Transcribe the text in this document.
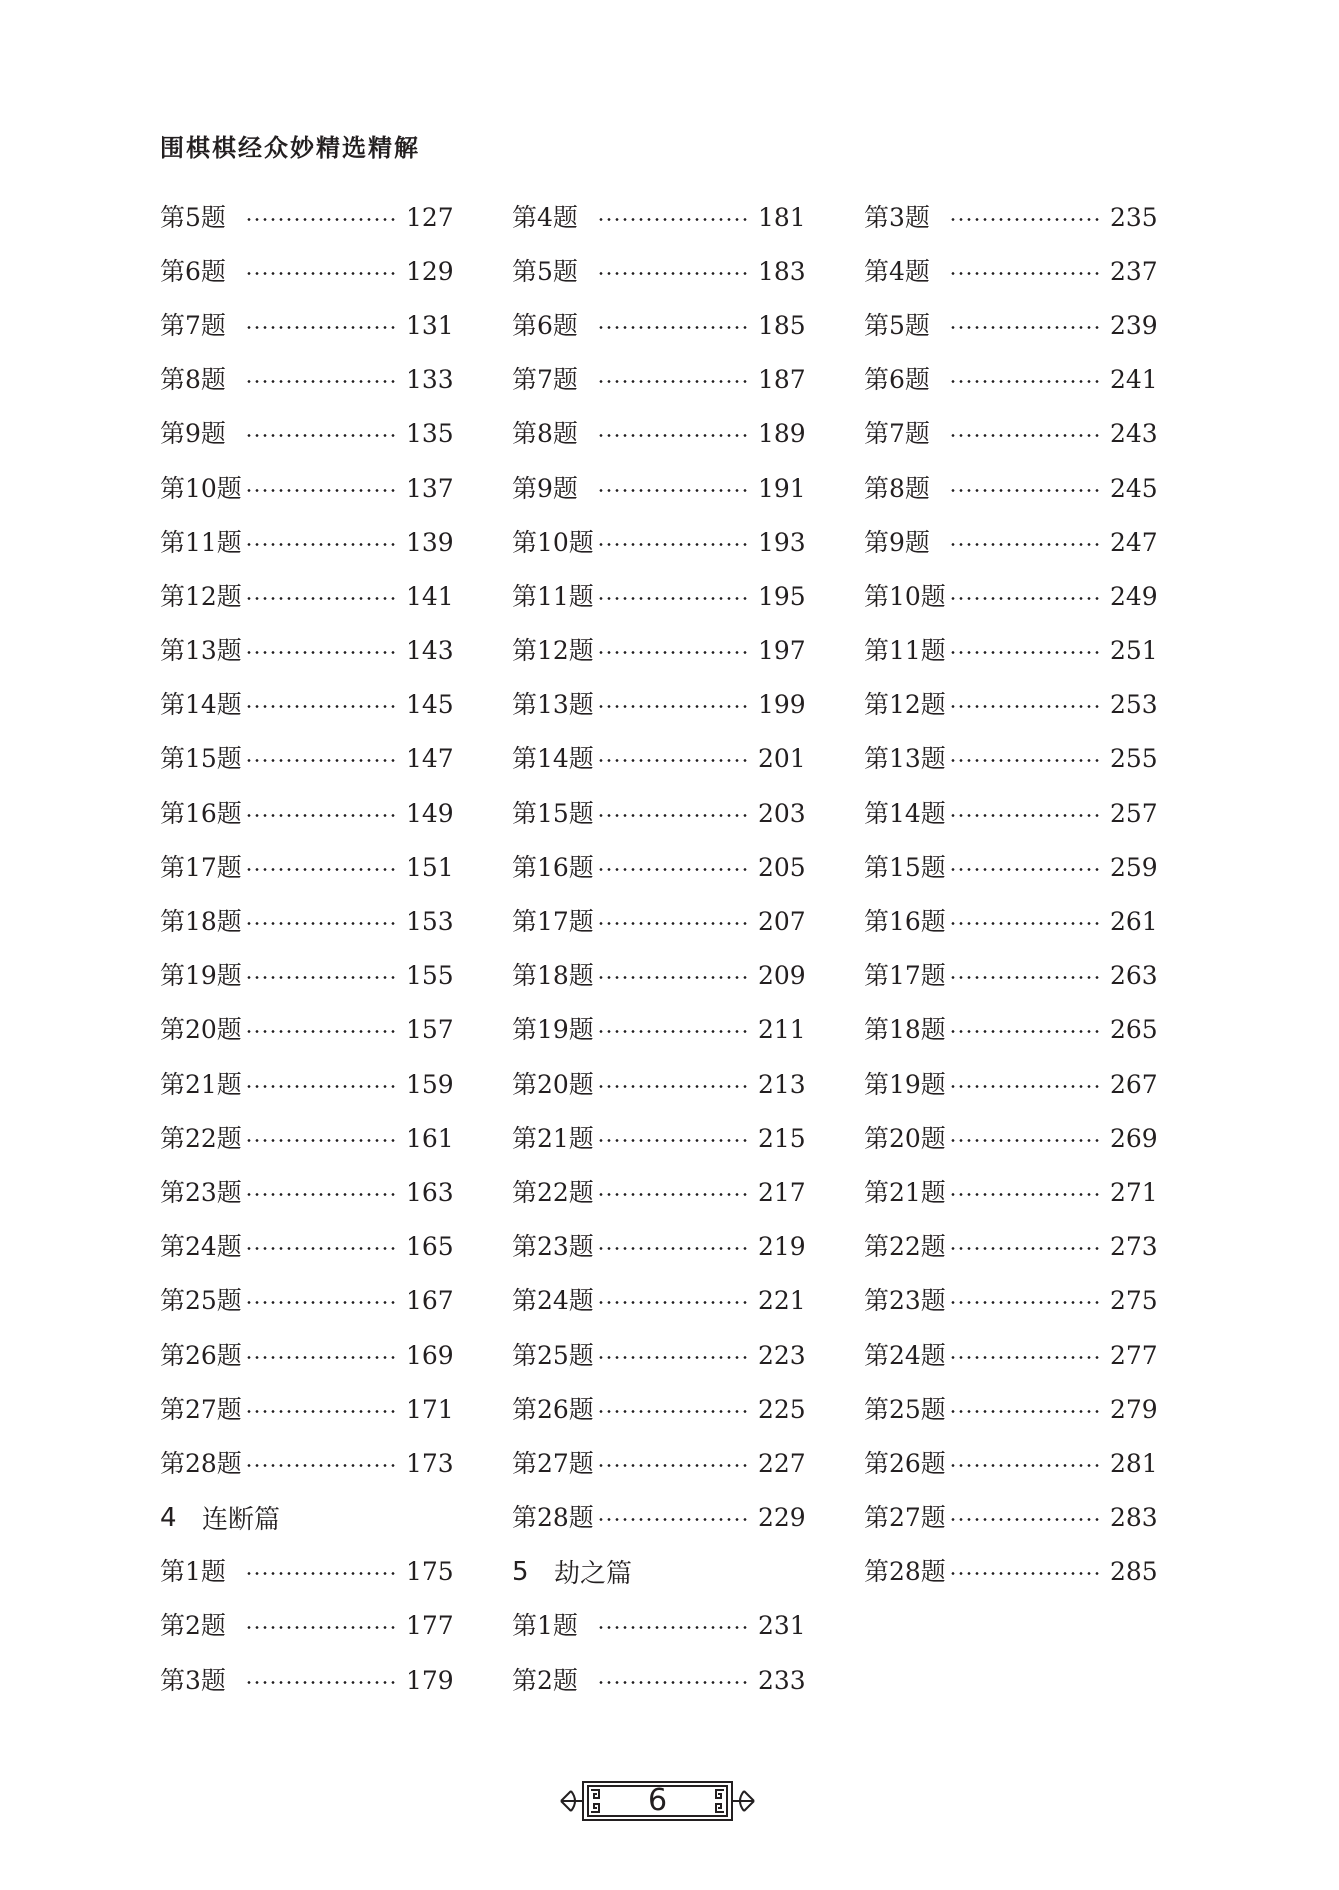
围棋棋经众妙精选精解
第5题	127
第6题	129
第7题	131
第8题	133
第9题	135
第10题	137
第11题	139
第12题	141
第13题	143
第14题	145
第15题	147
第16题	149
第17题	151
第18题	153
第19题	155
第20题	157
第21题	159
第22题	161
第23题	163
第24题	165
第25题	167
第26题	169
第27题	171
第28题	173
4 连断篇
第1题	175
第2题	177
第3题	179
第4题	181
第5题	183
第6题	185
第7题	187
第8题	189
第9题	191
第10题	193
第11题	195
第12题	197
第13题	199
第14题	201
第15题	203
第16题	205
第17题	207
第18题	209
第19题	211
第20题	213
第21题	215
第22题	217
第23题	219
第24题	221
第25题	223
第26题	225
第27题	227
第28题	229
5 劫之篇
第1题	231
第2题	233
第3题	235
第4题	237
第5题	239
第6题	241
第7题	243
第8题	245
第9题	247
第10题	249
第11题	251
第12题	253
第13题	255
第14题	257
第15题	259
第16题	261
第17题	263
第18题	265
第19题	267
第20题	269
第21题	271
第22题	273
第23题	275
第24题	277
第25题	279
第26题	281
第27题	283
第28题	285
6
